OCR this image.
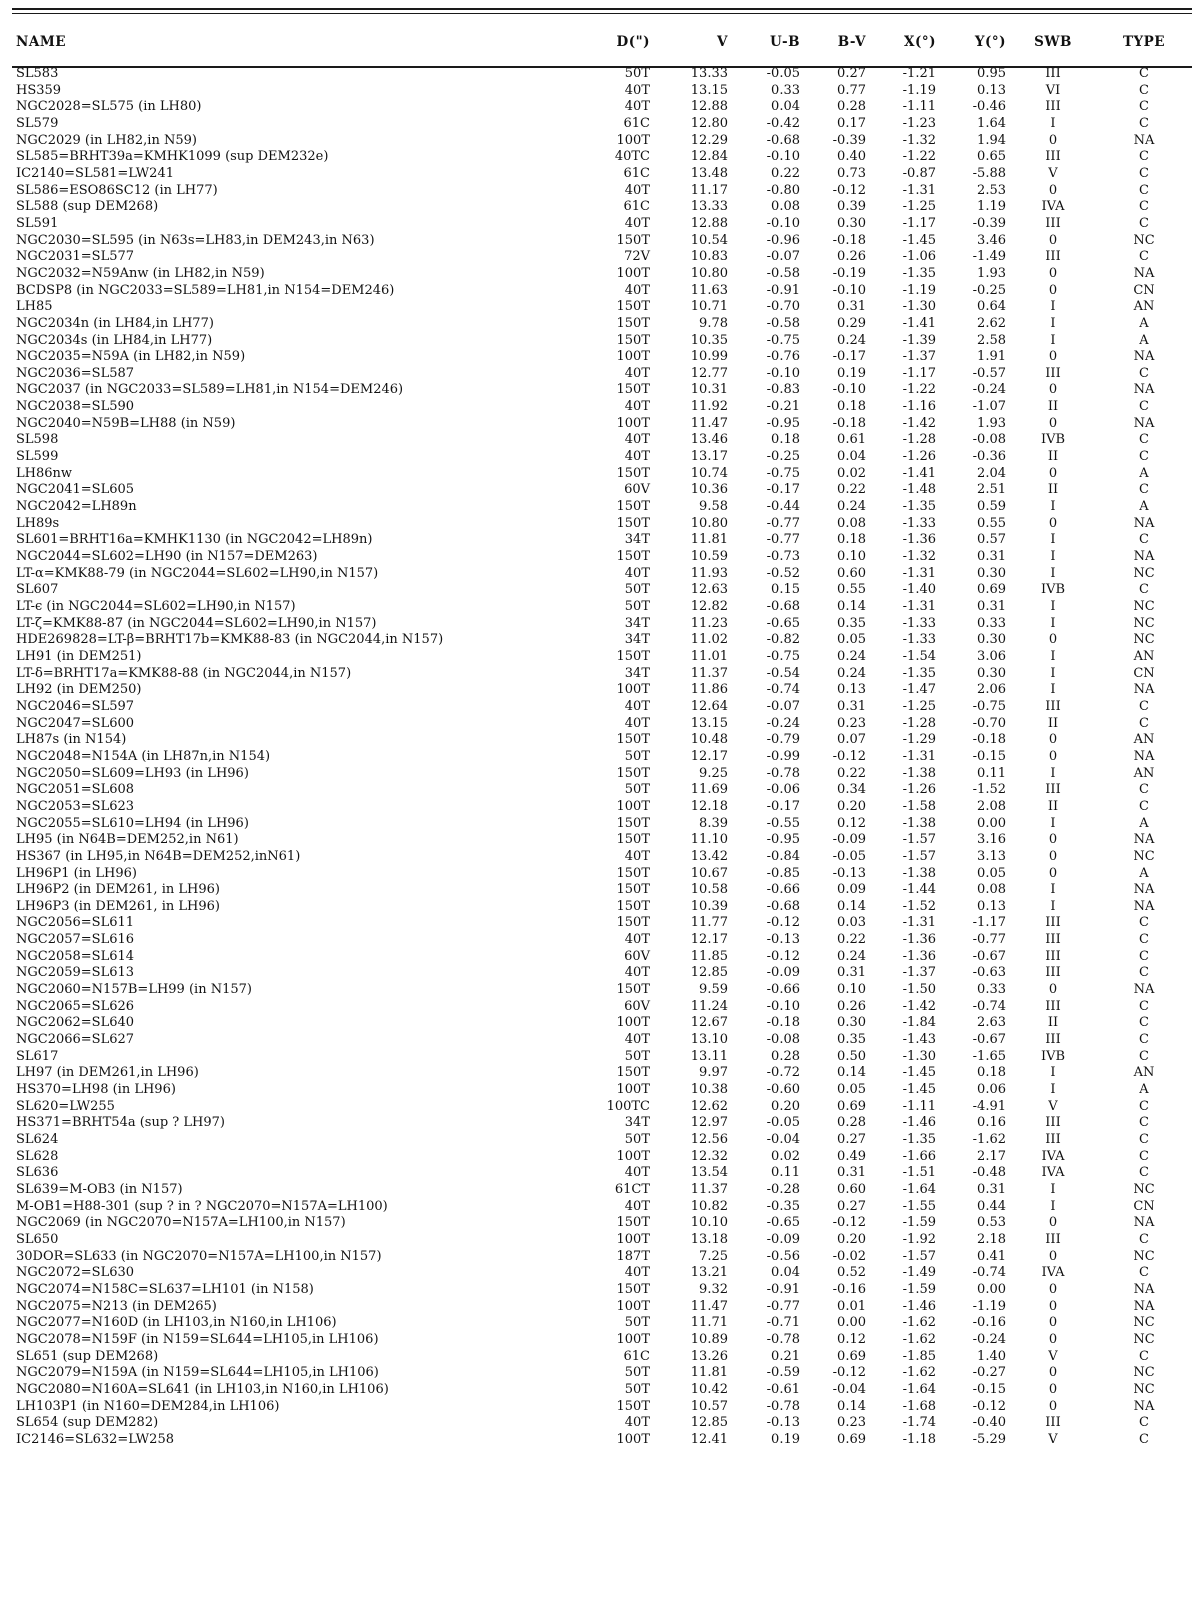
NAME	D(")	V	U-B	B-V	X(°)	Y(°)	SWB	TYPE
SL583	50T	13.33	-0.05	0.27	-1.21	0.95	III	C
HS359	40T	13.15	0.33	0.77	-1.19	0.13	VI	C
NGC2028=SL575 (in LH80)	40T	12.88	0.04	0.28	-1.11	-0.46	III	C
SL579	61C	12.80	-0.42	0.17	-1.23	1.64	I	C
NGC2029 (in LH82,in N59)	100T	12.29	-0.68	-0.39	-1.32	1.94	0	NA
SL585=BRHT39a=KMHK1099 (sup DEM232e)	40TC	12.84	-0.10	0.40	-1.22	0.65	III	C
IC2140=SL581=LW241	61C	13.48	0.22	0.73	-0.87	-5.88	V	C
SL586=ESO86SC12 (in LH77)	40T	11.17	-0.80	-0.12	-1.31	2.53	0	C
SL588 (sup DEM268)	61C	13.33	0.08	0.39	-1.25	1.19	IVA	C
SL591	40T	12.88	-0.10	0.30	-1.17	-0.39	III	C
NGC2030=SL595 (in N63s=LH83,in DEM243,in N63)	150T	10.54	-0.96	-0.18	-1.45	3.46	0	NC
NGC2031=SL577	72V	10.83	-0.07	0.26	-1.06	-1.49	III	C
NGC2032=N59Anw (in LH82,in N59)	100T	10.80	-0.58	-0.19	-1.35	1.93	0	NA
BCDSP8 (in NGC2033=SL589=LH81,in N154=DEM246)	40T	11.63	-0.91	-0.10	-1.19	-0.25	0	CN
LH85	150T	10.71	-0.70	0.31	-1.30	0.64	I	AN
NGC2034n (in LH84,in LH77)	150T	9.78	-0.58	0.29	-1.41	2.62	I	A
NGC2034s (in LH84,in LH77)	150T	10.35	-0.75	0.24	-1.39	2.58	I	A
NGC2035=N59A (in LH82,in N59)	100T	10.99	-0.76	-0.17	-1.37	1.91	0	NA
NGC2036=SL587	40T	12.77	-0.10	0.19	-1.17	-0.57	III	C
NGC2037 (in NGC2033=SL589=LH81,in N154=DEM246)	150T	10.31	-0.83	-0.10	-1.22	-0.24	0	NA
NGC2038=SL590	40T	11.92	-0.21	0.18	-1.16	-1.07	II	C
NGC2040=N59B=LH88 (in N59)	100T	11.47	-0.95	-0.18	-1.42	1.93	0	NA
SL598	40T	13.46	0.18	0.61	-1.28	-0.08	IVB	C
SL599	40T	13.17	-0.25	0.04	-1.26	-0.36	II	C
LH86nw	150T	10.74	-0.75	0.02	-1.41	2.04	0	A
NGC2041=SL605	60V	10.36	-0.17	0.22	-1.48	2.51	II	C
NGC2042=LH89n	150T	9.58	-0.44	0.24	-1.35	0.59	I	A
LH89s	150T	10.80	-0.77	0.08	-1.33	0.55	0	NA
SL601=BRHT16a=KMHK1130 (in NGC2042=LH89n)	34T	11.81	-0.77	0.18	-1.36	0.57	I	C
NGC2044=SL602=LH90 (in N157=DEM263)	150T	10.59	-0.73	0.10	-1.32	0.31	I	NA
LT-α=KMK88-79 (in NGC2044=SL602=LH90,in N157)	40T	11.93	-0.52	0.60	-1.31	0.30	I	NC
SL607	50T	12.63	0.15	0.55	-1.40	0.69	IVB	C
LT-ϵ (in NGC2044=SL602=LH90,in N157)	50T	12.82	-0.68	0.14	-1.31	0.31	I	NC
LT-ζ=KMK88-87 (in NGC2044=SL602=LH90,in N157)	34T	11.23	-0.65	0.35	-1.33	0.33	I	NC
HDE269828=LT-β=BRHT17b=KMK88-83 (in NGC2044,in N157)	34T	11.02	-0.82	0.05	-1.33	0.30	0	NC
LH91 (in DEM251)	150T	11.01	-0.75	0.24	-1.54	3.06	I	AN
LT-δ=BRHT17a=KMK88-88 (in NGC2044,in N157)	34T	11.37	-0.54	0.24	-1.35	0.30	I	CN
LH92 (in DEM250)	100T	11.86	-0.74	0.13	-1.47	2.06	I	NA
NGC2046=SL597	40T	12.64	-0.07	0.31	-1.25	-0.75	III	C
NGC2047=SL600	40T	13.15	-0.24	0.23	-1.28	-0.70	II	C
LH87s (in N154)	150T	10.48	-0.79	0.07	-1.29	-0.18	0	AN
NGC2048=N154A (in LH87n,in N154)	50T	12.17	-0.99	-0.12	-1.31	-0.15	0	NA
NGC2050=SL609=LH93 (in LH96)	150T	9.25	-0.78	0.22	-1.38	0.11	I	AN
NGC2051=SL608	50T	11.69	-0.06	0.34	-1.26	-1.52	III	C
NGC2053=SL623	100T	12.18	-0.17	0.20	-1.58	2.08	II	C
NGC2055=SL610=LH94 (in LH96)	150T	8.39	-0.55	0.12	-1.38	0.00	I	A
LH95 (in N64B=DEM252,in N61)	150T	11.10	-0.95	-0.09	-1.57	3.16	0	NA
HS367 (in LH95,in N64B=DEM252,inN61)	40T	13.42	-0.84	-0.05	-1.57	3.13	0	NC
LH96P1 (in LH96)	150T	10.67	-0.85	-0.13	-1.38	0.05	0	A
LH96P2 (in DEM261, in LH96)	150T	10.58	-0.66	0.09	-1.44	0.08	I	NA
LH96P3 (in DEM261, in LH96)	150T	10.39	-0.68	0.14	-1.52	0.13	I	NA
NGC2056=SL611	150T	11.77	-0.12	0.03	-1.31	-1.17	III	C
NGC2057=SL616	40T	12.17	-0.13	0.22	-1.36	-0.77	III	C
NGC2058=SL614	60V	11.85	-0.12	0.24	-1.36	-0.67	III	C
NGC2059=SL613	40T	12.85	-0.09	0.31	-1.37	-0.63	III	C
NGC2060=N157B=LH99 (in N157)	150T	9.59	-0.66	0.10	-1.50	0.33	0	NA
NGC2065=SL626	60V	11.24	-0.10	0.26	-1.42	-0.74	III	C
NGC2062=SL640	100T	12.67	-0.18	0.30	-1.84	2.63	II	C
NGC2066=SL627	40T	13.10	-0.08	0.35	-1.43	-0.67	III	C
SL617	50T	13.11	0.28	0.50	-1.30	-1.65	IVB	C
LH97 (in DEM261,in LH96)	150T	9.97	-0.72	0.14	-1.45	0.18	I	AN
HS370=LH98 (in LH96)	100T	10.38	-0.60	0.05	-1.45	0.06	I	A
SL620=LW255	100TC	12.62	0.20	0.69	-1.11	-4.91	V	C
HS371=BRHT54a (sup ? LH97)	34T	12.97	-0.05	0.28	-1.46	0.16	III	C
SL624	50T	12.56	-0.04	0.27	-1.35	-1.62	III	C
SL628	100T	12.32	0.02	0.49	-1.66	2.17	IVA	C
SL636	40T	13.54	0.11	0.31	-1.51	-0.48	IVA	C
SL639=M-OB3 (in N157)	61CT	11.37	-0.28	0.60	-1.64	0.31	I	NC
M-OB1=H88-301 (sup ? in ? NGC2070=N157A=LH100)	40T	10.82	-0.35	0.27	-1.55	0.44	I	CN
NGC2069 (in NGC2070=N157A=LH100,in N157)	150T	10.10	-0.65	-0.12	-1.59	0.53	0	NA
SL650	100T	13.18	-0.09	0.20	-1.92	2.18	III	C
30DOR=SL633 (in NGC2070=N157A=LH100,in N157)	187T	7.25	-0.56	-0.02	-1.57	0.41	0	NC
NGC2072=SL630	40T	13.21	0.04	0.52	-1.49	-0.74	IVA	C
NGC2074=N158C=SL637=LH101 (in N158)	150T	9.32	-0.91	-0.16	-1.59	0.00	0	NA
NGC2075=N213 (in DEM265)	100T	11.47	-0.77	0.01	-1.46	-1.19	0	NA
NGC2077=N160D (in LH103,in N160,in LH106)	50T	11.71	-0.71	0.00	-1.62	-0.16	0	NC
NGC2078=N159F (in N159=SL644=LH105,in LH106)	100T	10.89	-0.78	0.12	-1.62	-0.24	0	NC
SL651 (sup DEM268)	61C	13.26	0.21	0.69	-1.85	1.40	V	C
NGC2079=N159A (in N159=SL644=LH105,in LH106)	50T	11.81	-0.59	-0.12	-1.62	-0.27	0	NC
NGC2080=N160A=SL641 (in LH103,in N160,in LH106)	50T	10.42	-0.61	-0.04	-1.64	-0.15	0	NC
LH103P1 (in N160=DEM284,in LH106)	150T	10.57	-0.78	0.14	-1.68	-0.12	0	NA
SL654 (sup DEM282)	40T	12.85	-0.13	0.23	-1.74	-0.40	III	C
IC2146=SL632=LW258	100T	12.41	0.19	0.69	-1.18	-5.29	V	C
